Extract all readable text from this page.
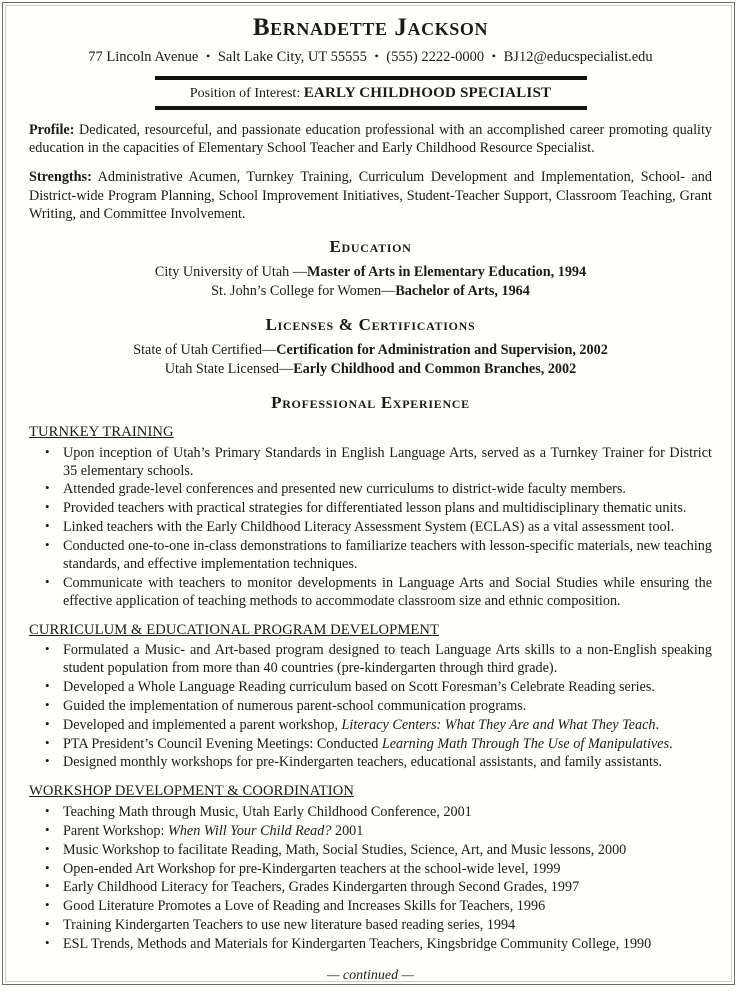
Bernadette Jackson
77 Lincoln Avenue • Salt Lake City, UT 55555 • (555) 2222-0000 • BJ12@educspecialist.edu
Position of Interest: EARLY CHILDHOOD SPECIALIST
Profile: Dedicated, resourceful, and passionate education professional with an accomplished career promoting quality education in the capacities of Elementary School Teacher and Early Childhood Resource Specialist.
Strengths: Administrative Acumen, Turnkey Training, Curriculum Development and Implementation, School- and District-wide Program Planning, School Improvement Initiatives, Student-Teacher Support, Classroom Teaching, Grant Writing, and Committee Involvement.
Education
City University of Utah —Master of Arts in Elementary Education, 1994
St. John’s College for Women—Bachelor of Arts, 1964
Licenses & Certifications
State of Utah Certified—Certification for Administration and Supervision, 2002
Utah State Licensed—Early Childhood and Common Branches, 2002
Professional Experience
TURNKEY TRAINING
• Upon inception of Utah’s Primary Standards in English Language Arts, served as a Turnkey Trainer for District 35 elementary schools.
• Attended grade-level conferences and presented new curriculums to district-wide faculty members.
• Provided teachers with practical strategies for differentiated lesson plans and multidisciplinary thematic units.
• Linked teachers with the Early Childhood Literacy Assessment System (ECLAS) as a vital assessment tool.
• Conducted one-to-one in-class demonstrations to familiarize teachers with lesson-specific materials, new teaching standards, and effective implementation techniques.
• Communicate with teachers to monitor developments in Language Arts and Social Studies while ensuring the effective application of teaching methods to accommodate classroom size and ethnic composition.
CURRICULUM & EDUCATIONAL PROGRAM DEVELOPMENT
• Formulated a Music- and Art-based program designed to teach Language Arts skills to a non-English speaking student population from more than 40 countries (pre-kindergarten through third grade).
• Developed a Whole Language Reading curriculum based on Scott Foresman’s Celebrate Reading series.
• Guided the implementation of numerous parent-school communication programs.
• Developed and implemented a parent workshop, Literacy Centers: What They Are and What They Teach.
• PTA President’s Council Evening Meetings: Conducted Learning Math Through The Use of Manipulatives.
• Designed monthly workshops for pre-Kindergarten teachers, educational assistants, and family assistants.
WORKSHOP DEVELOPMENT & COORDINATION
• Teaching Math through Music, Utah Early Childhood Conference, 2001
• Parent Workshop: When Will Your Child Read? 2001
• Music Workshop to facilitate Reading, Math, Social Studies, Science, Art, and Music lessons, 2000
• Open-ended Art Workshop for pre-Kindergarten teachers at the school-wide level, 1999
• Early Childhood Literacy for Teachers, Grades Kindergarten through Second Grades, 1997
• Good Literature Promotes a Love of Reading and Increases Skills for Teachers, 1996
• Training Kindergarten Teachers to use new literature based reading series, 1994
• ESL Trends, Methods and Materials for Kindergarten Teachers, Kingsbridge Community College, 1990
— continued —
